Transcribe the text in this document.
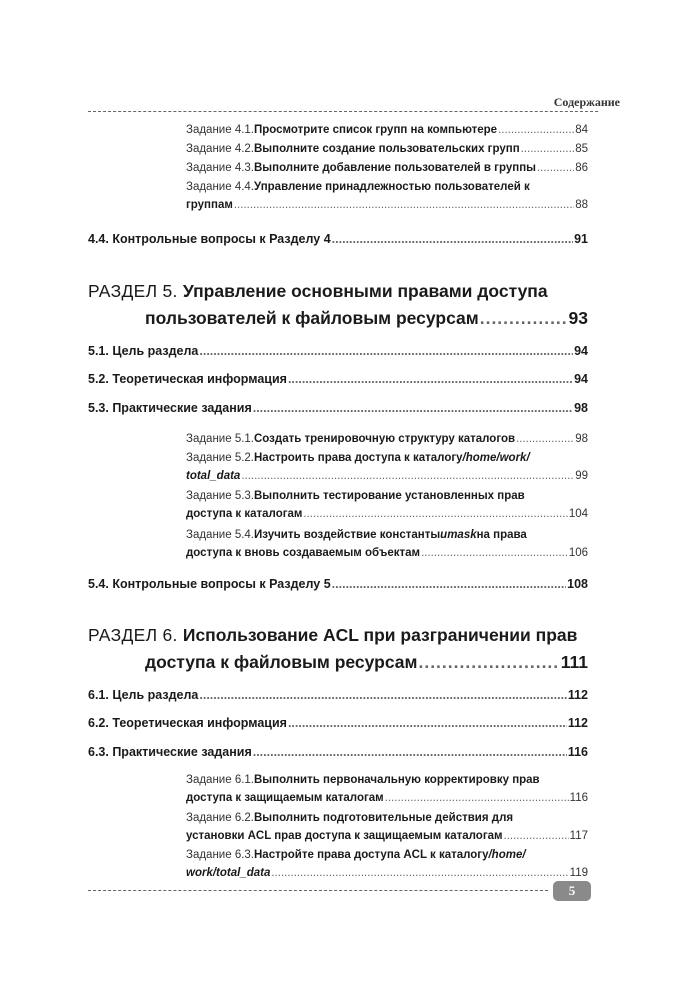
Содержание
Задание 4.1. Просмотрите список групп на компьютере .....	84
Задание 4.2. Выполните создание пользовательских групп .....	85
Задание 4.3. Выполните добавление пользователей в группы .....	86
Задание 4.4. Управление принадлежностью пользователей к
группам .....	88
4.4. Контрольные вопросы к Разделу 4 .....	91
РАЗДЕЛ 5. Управление основными правами доступа
пользователей к файловым ресурсам .....	93
5.1. Цель раздела .....	94
5.2. Теоретическая информация .....	94
5.3. Практические задания .....	98
Задание 5.1. Создать тренировочную структуру каталогов .....	98
Задание 5.2. Настроить права доступа к каталогу /home/work/
total_data .....	99
Задание 5.3. Выполнить тестирование установленных прав
доступа к каталогам .....	104
Задание 5.4. Изучить воздействие константы umask на права
доступа к вновь создаваемым объектам .....	106
5.4. Контрольные вопросы к Разделу 5 .....	108
РАЗДЕЛ 6. Использование ACL при разграничении прав
доступа к файловым ресурсам .....	111
6.1. Цель раздела .....	112
6.2. Теоретическая информация .....	112
6.3. Практические задания .....	116
Задание 6.1. Выполнить первоначальную корректировку прав
доступа к защищаемым каталогам .....	116
Задание 6.2. Выполнить подготовительные действия для
установки ACL прав доступа к защищаемым каталогам .....	117
Задание 6.3. Настройте права доступа ACL к каталогу /home/
work/total_data .....	119
5
